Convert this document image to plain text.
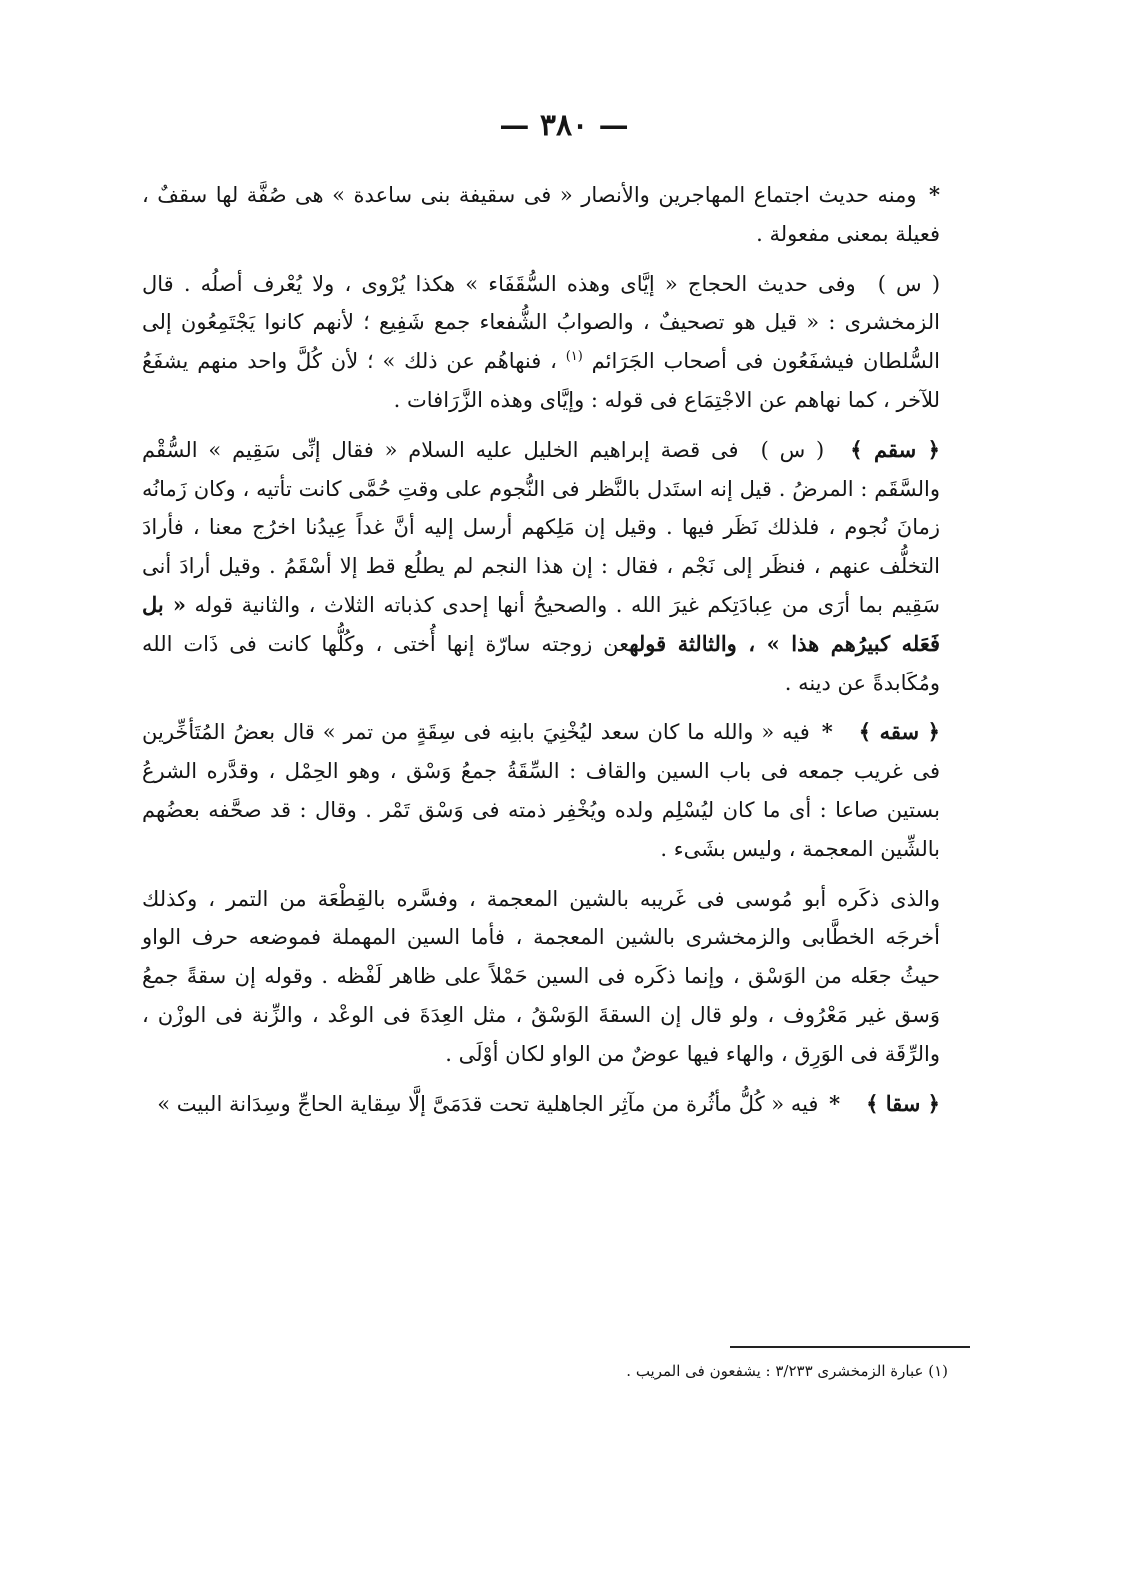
— ٣٨٠ —

* ومنه حديث اجتماع المهاجرين والأنصار « فى سقيفة بنى ساعدة » هى صُفَّة لها سقفٌ ، فعيلة بمعنى مفعولة .

( س )وفى حديث الحجاج « إيَّاى وهذه السُّقَفَاء » هكذا يُرْوى ، ولا يُعْرف أصلُه . قال الزمخشرى : « قيل هو تصحيفٌ ، والصوابُ الشُّفعاء جمع شَفِيع ؛ لأنهم كانوا يَجْتَمِعُون إلى السُّلطان فيشفَعُون فى أصحاب الجَرَائم $^{(١)}$ ، فنهاهُم عن ذلك » ؛ لأن كُلَّ واحد منهم يشفَعُ للآخر ، كما نهاهم عن الاجْتِمَاع فى قوله : وإيَّاى وهذه الزَّرَافات .

﴿ سقم ﴾( س )فى قصة إبراهيم الخليل عليه السلام « فقال إنِّى سَقِيم » السُّقْم والسَّقَم : المرضُ . قيل إنه استَدل بالنَّظر فى النُّجوم على وقتِ حُمَّى كانت تأتيه ، وكان زَمانُه زمانَ نُجوم ، فلذلك نَظَر فيها . وقيل إن مَلِكهم أرسل إليه أنَّ غداً عِيدُنا اخرُج معنا ، فأرادَ التخلُّف عنهم ، فنظَر إلى نَجْم ، فقال : إن هذا النجم لم يطلُع قط إلا أسْقَمُ . وقيل أرادَ أنى سَقِيم بما أرَى من عِبادَتِكم غيرَ الله . والصحيحُ أنها إحدى كذباته الثلاث ، والثانية قوله « بل فَعَله كبيرُهم هذا » ، والثالثة قولهعن زوجته سارّة إنها أُختى ، وكُلُّها كانت فى ذَات الله ومُكَابدةً عن دينه .

﴿ سقه ﴾* فيه « والله ما كان سعد ليُخْنِيَ بابنِه فى سِقَةٍ من تمر » قال بعضُ المُتَأخِّرين فى غريب جمعه فى باب السين والقاف : السِّقَةُ جمعُ وَسْق ، وهو الحِمْل ، وقدَّره الشرعُ بستين صاعا : أى ما كان ليُسْلِم ولده ويُخْفِر ذمته فى وَسْق تَمْر . وقال : قد صحَّفه بعضُهم بالشِّين المعجمة ، وليس بشَىء .

والذى ذكَره أبو مُوسى فى غَريبه بالشين المعجمة ، وفسَّره بالقِطْعَة من التمر ، وكذلك أخرجَه الخطَّابى والزمخشرى بالشين المعجمة ، فأما السين المهملة فموضعه حرف الواو حيثُ جعَله من الوَسْق ، وإنما ذكَره فى السين حَمْلاً على ظاهر لَفْظه . وقوله إن سقةً جمعُ وَسق غير مَعْرُوف ، ولو قال إن السقةَ الوَسْقُ ، مثل العِدَةَ فى الوعْد ، والزِّنة فى الوزْن ، والرِّقَة فى الوَرِق ، والهاء فيها عوضٌ من الواو لكان أوْلَى .

﴿ سقا ﴾* فيه « كُلُّ مأثُرة من مآثِر الجاهلية تحت قدَمَىَّ إلَّا سِقاية الحاجِّ وسِدَانة البيت »

(١) عبارة الزمخشرى ٣/٢٣٣ : يشفعون فى المريب .
